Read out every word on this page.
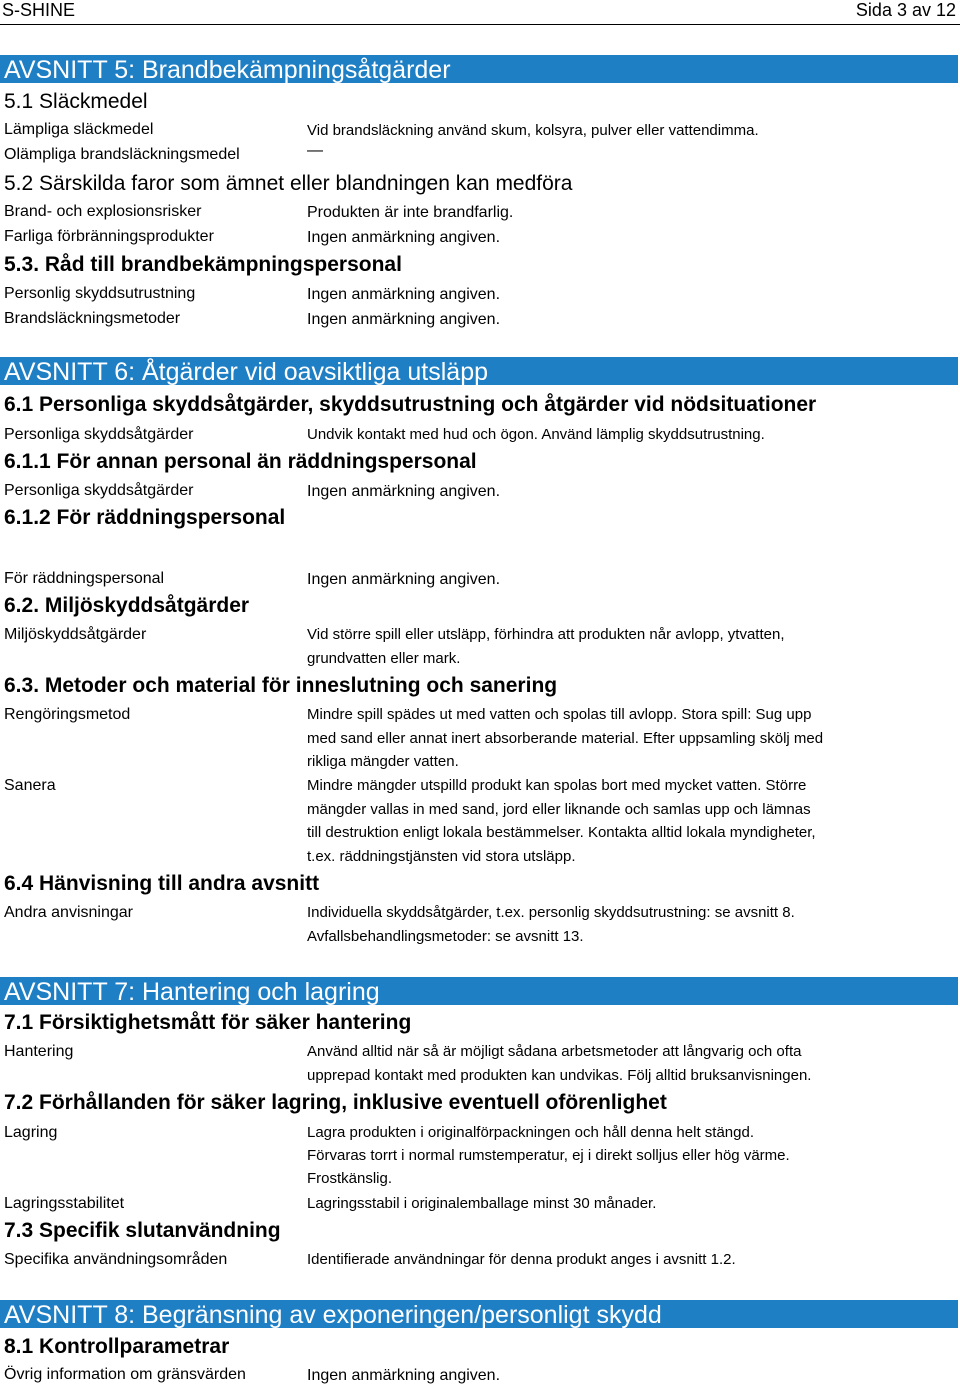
S-SHINE	Sida 3 av 12
AVSNITT 5: Brandbekämpningsåtgärder
5.1 Släckmedel
Lämpliga släckmedel	Vid brandsläckning använd skum, kolsyra, pulver eller vattendimma.
Olämpliga brandsläckningsmedel	—
5.2 Särskilda faror som ämnet eller blandningen kan medföra
Brand- och explosionsrisker	Produkten är inte brandfarlig.
Farliga förbränningsprodukter	Ingen anmärkning angiven.
5.3. Råd till brandbekämpningspersonal
Personlig skyddsutrustning	Ingen anmärkning angiven.
Brandsläckningsmetoder	Ingen anmärkning angiven.
AVSNITT 6: Åtgärder vid oavsiktliga utsläpp
6.1 Personliga skyddsåtgärder, skyddsutrustning och åtgärder vid nödsituationer
Personliga skyddsåtgärder	Undvik kontakt med hud och ögon. Använd lämplig skyddsutrustning.
6.1.1 För annan personal än räddningspersonal
Personliga skyddsåtgärder	Ingen anmärkning angiven.
6.1.2 För räddningspersonal
För räddningspersonal	Ingen anmärkning angiven.
6.2. Miljöskyddsåtgärder
Miljöskyddsåtgärder	Vid större spill eller utsläpp, förhindra att produkten når avlopp, ytvatten,
grundvatten eller mark.
6.3. Metoder och material för inneslutning och sanering
Rengöringsmetod	Mindre spill spädes ut med vatten och spolas till avlopp. Stora spill: Sug upp
med sand eller annat inert absorberande material. Efter uppsamling skölj med
rikliga mängder vatten.
Sanera	Mindre mängder utspilld produkt kan spolas bort med mycket vatten. Större
mängder vallas in med sand, jord eller liknande och samlas upp och lämnas
till destruktion enligt lokala bestämmelser. Kontakta alltid lokala myndigheter,
t.ex. räddningstjänsten vid stora utsläpp.
6.4 Hänvisning till andra avsnitt
Andra anvisningar	Individuella skyddsåtgärder, t.ex. personlig skyddsutrustning: se avsnitt 8.
Avfallsbehandlingsmetoder: se avsnitt 13.
AVSNITT 7: Hantering och lagring
7.1 Försiktighetsmått för säker hantering
Hantering	Använd alltid när så är möjligt sådana arbetsmetoder att långvarig och ofta
upprepad kontakt med produkten kan undvikas. Följ alltid bruksanvisningen.
7.2 Förhållanden för säker lagring, inklusive eventuell oförenlighet
Lagring	Lagra produkten i originalförpackningen och håll denna helt stängd.
Förvaras torrt i normal rumstemperatur, ej i direkt solljus eller hög värme.
Frostkänslig.
Lagringsstabilitet	Lagringsstabil i originalemballage minst 30 månader.
7.3 Specifik slutanvändning
Specifika användningsområden	Identifierade användningar för denna produkt anges i avsnitt 1.2.
AVSNITT 8: Begränsning av exponeringen/personligt skydd
8.1 Kontrollparametrar
Övrig information om gränsvärden	Ingen anmärkning angiven.
